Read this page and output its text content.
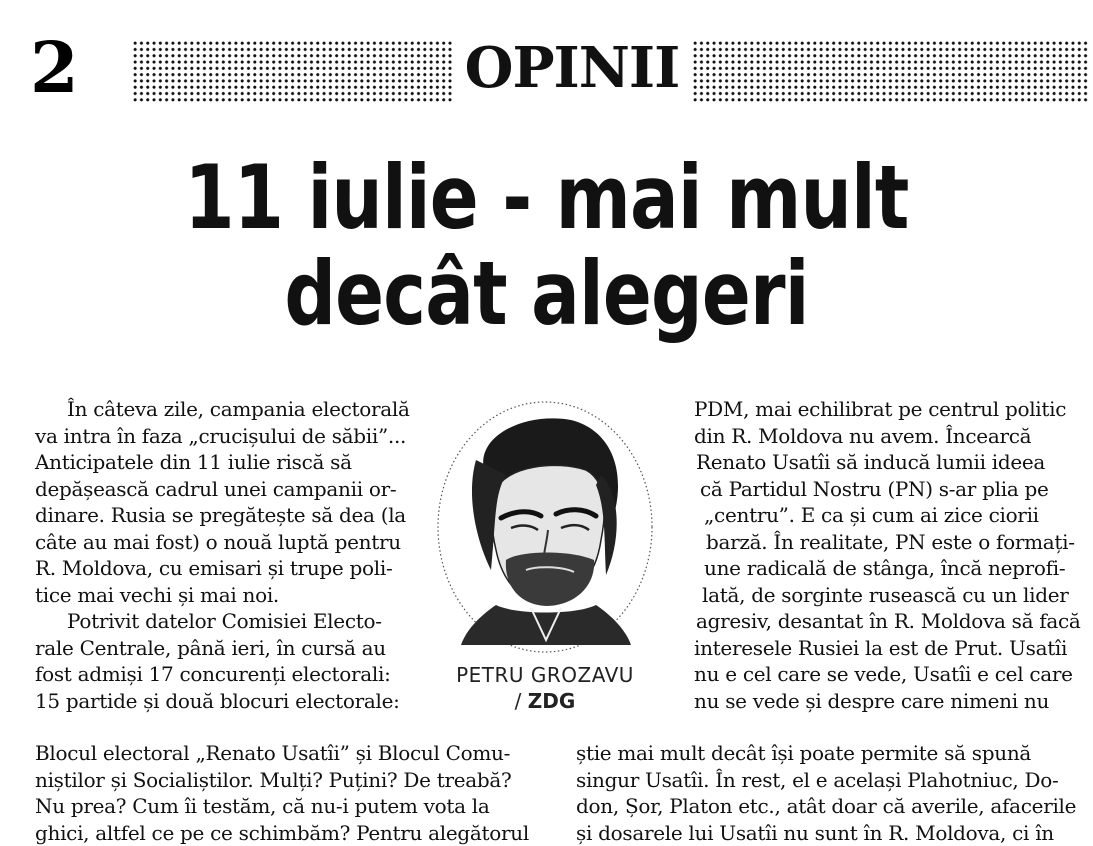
2	OPINII
11 iulie - mai mult
decât alegeri
În câteva zile, campania electorală
va intra în faza „crucișului de săbii”...
Anticipatele din 11 iulie riscă să
depășească cadrul unei campanii or-
dinare. Rusia se pregătește să dea (la
câte au mai fost) o nouă luptă pentru
R. Moldova, cu emisari și trupe poli-
tice mai vechi și mai noi.
Potrivit datelor Comisiei Electo-
rale Centrale, până ieri, în cursă au
fost admiși 17 concurenți electorali:
15 partide și două blocuri electorale:
PETRU GROZAVU
/ ZDG
PDM, mai echilibrat pe centrul politic
din R. Moldova nu avem. Încearcă
Renato Usatîi să inducă lumii ideea
că Partidul Nostru (PN) s-ar plia pe
„centru”. E ca și cum ai zice ciorii
barză. În realitate, PN este o formați-
une radicală de stânga, încă neprofi-
lată, de sorginte rusească cu un lider
agresiv, desantat în R. Moldova să facă
interesele Rusiei la est de Prut. Usatîi
nu e cel care se vede, Usatîi e cel care
nu se vede și despre care nimeni nu
Blocul electoral „Renato Usatîi” și Blocul Comu-
niștilor și Socialiștilor. Mulți? Puțini? De treabă?
Nu prea? Cum îi testăm, că nu-i putem vota la
ghici, altfel ce pe ce schimbăm? Pentru alegătorul
știe mai mult decât își poate permite să spună
singur Usatîi. În rest, el e același Plahotniuc, Do-
don, Șor, Platon etc., atât doar că averile, afacerile
și dosarele lui Usatîi nu sunt în R. Moldova, ci în
